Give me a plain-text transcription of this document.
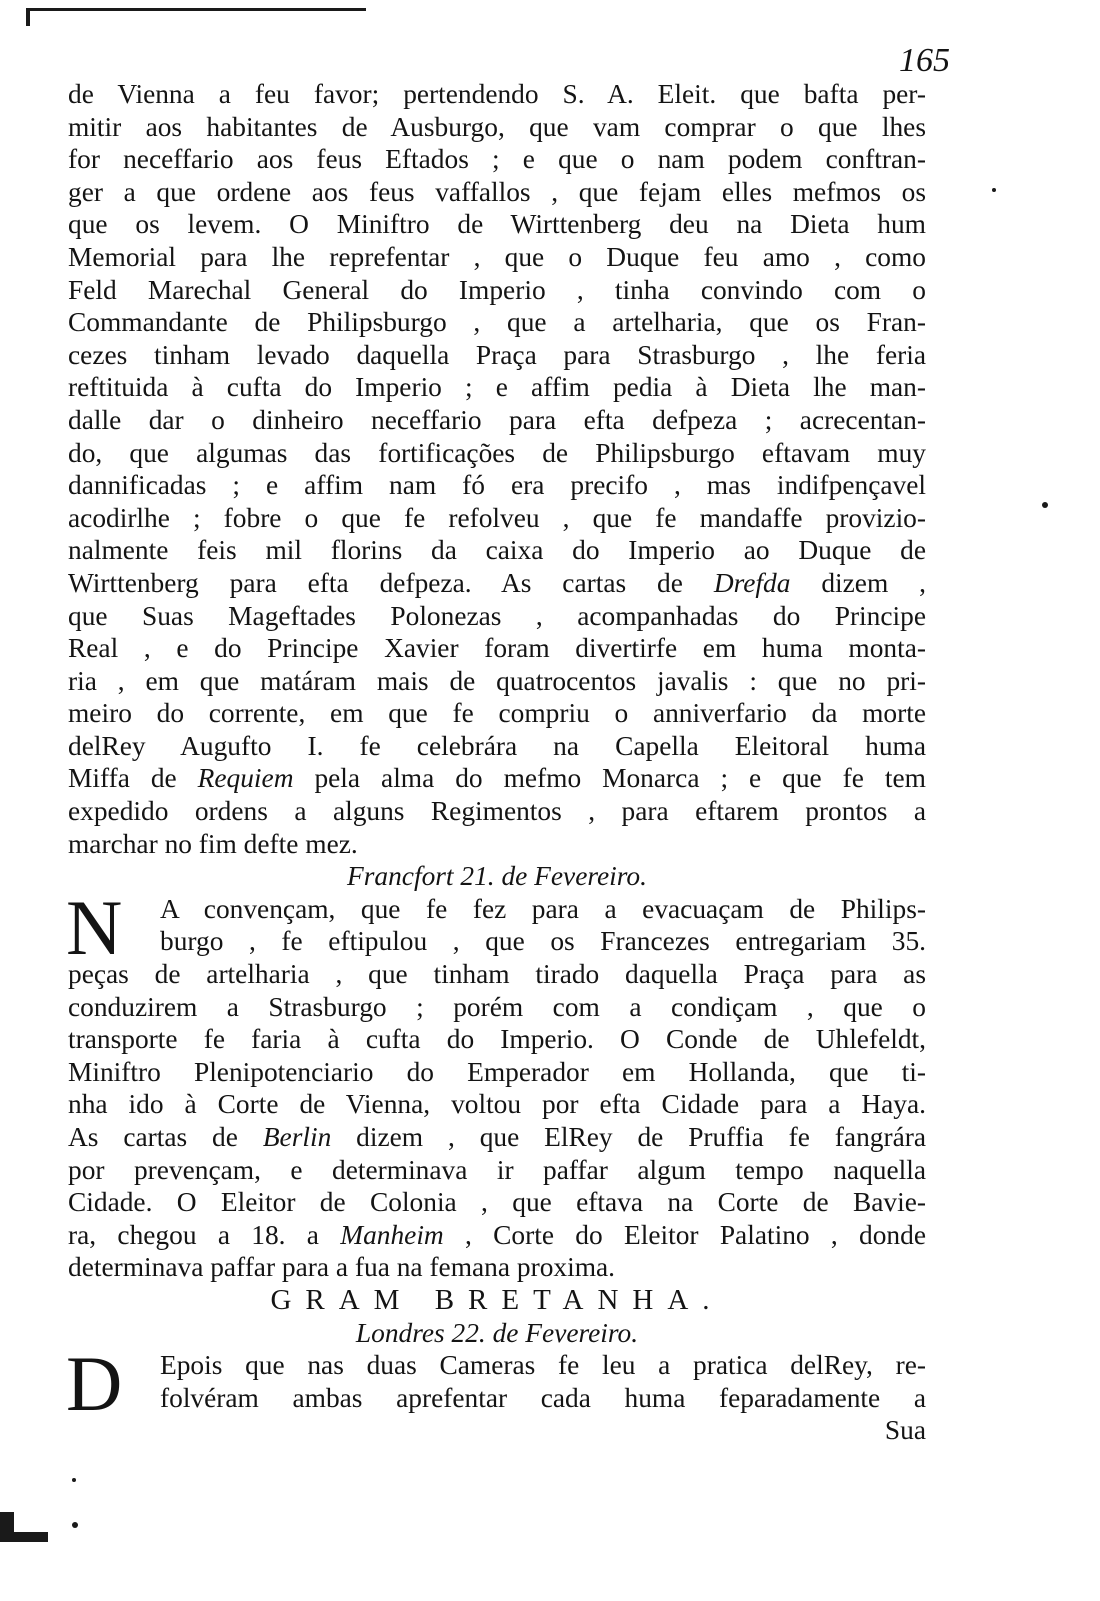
165
de Vienna a feu favor; pertendendo S. A. Eleit. que bafta per-
mitir aos habitantes de Ausburgo, que vam comprar o que lhes
for neceffario aos feus Eftados ; e que o nam podem conftran-
ger a que ordene aos feus vaffallos , que fejam elles mefmos os
que os levem. O Miniftro de Wirttenberg deu na Dieta hum
Memorial para lhe reprefentar , que o Duque feu amo , como
Feld Marechal General do Imperio , tinha convindo com o
Commandante de Philipsburgo , que a artelharia, que os Fran-
cezes tinham levado daquella Praça para Strasburgo , lhe feria
reftituida à cufta do Imperio ; e affim pedia à Dieta lhe man-
dalle dar o dinheiro neceffario para efta defpeza ; acrecentan-
do, que algumas das fortificações de Philipsburgo eftavam muy
dannificadas ; e affim nam fó era precifo , mas indifpençavel
acodirlhe ; fobre o que fe refolveu , que fe mandaffe provizio-
nalmente feis mil florins da caixa do Imperio ao Duque de
Wirttenberg para efta defpeza. As cartas de Drefda dizem ,
que Suas Mageftades Polonezas , acompanhadas do Principe
Real , e do Principe Xavier foram divertirfe em huma monta-
ria , em que matáram mais de quatrocentos javalis : que no pri-
meiro do corrente, em que fe compriu o anniverfario da morte
delRey Augufto I. fe celebrára na Capella Eleitoral huma
Miffa de Requiem pela alma do mefmo Monarca ; e que fe tem
expedido ordens a alguns Regimentos , para eftarem prontos a
marchar no fim defte mez.
Francfort 21. de Fevereiro.
N	A convençam, que fe fez para a evacuaçam de Philips-
burgo , fe eftipulou , que os Francezes entregariam 35.
peças de artelharia , que tinham tirado daquella Praça para as
conduzirem a Strasburgo ; porém com a condiçam , que o
transporte fe faria à cufta do Imperio. O Conde de Uhlefeldt,
Miniftro Plenipotenciario do Emperador em Hollanda, que ti-
nha ido à Corte de Vienna, voltou por efta Cidade para a Haya.
As cartas de Berlin dizem , que ElRey de Pruffia fe fangrára
por prevençam, e determinava ir paffar algum tempo naquella
Cidade. O Eleitor de Colonia , que eftava na Corte de Bavie-
ra, chegou a 18. a Manheim , Corte do Eleitor Palatino , donde
determinava paffar para a fua na femana proxima.
GRAM BRETANHA.
Londres 22. de Fevereiro.
D	Epois que nas duas Cameras fe leu a pratica delRey, re-
folvéram ambas aprefentar cada huma feparadamente a
Sua
